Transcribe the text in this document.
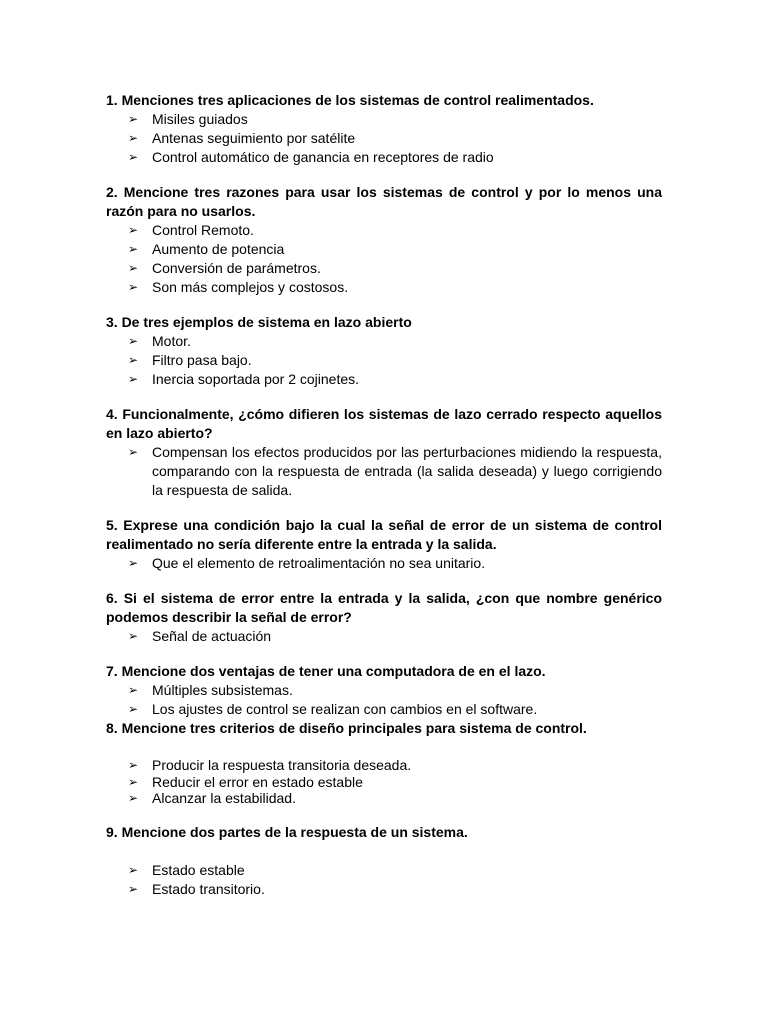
1. Menciones tres aplicaciones de los sistemas de control realimentados.

➢ Misiles guiados
➢ Antenas seguimiento por satélite
➢ Control automático de ganancia en receptores de radio

2. Mencione tres razones para usar los sistemas de control y por lo menos una razón para no usarlos.

➢ Control Remoto.
➢ Aumento de potencia
➢ Conversión de parámetros.
➢ Son más complejos y costosos.

3. De tres ejemplos de sistema en lazo abierto

➢ Motor.
➢ Filtro pasa bajo.
➢ Inercia soportada por 2 cojinetes.

4. Funcionalmente, ¿cómo difieren los sistemas de lazo cerrado respecto aquellos en lazo abierto?

➢ Compensan los efectos producidos por las perturbaciones midiendo la respuesta, comparando con la respuesta de entrada (la salida deseada) y luego corrigiendo la respuesta de salida.

5. Exprese una condición bajo la cual la señal de error de un sistema de control realimentado no sería diferente entre la entrada y la salida.

➢ Que el elemento de retroalimentación no sea unitario.

6. Si el sistema de error entre la entrada y la salida, ¿con que nombre genérico podemos describir la señal de error?

➢ Señal de actuación

7. Mencione dos ventajas de tener una computadora de en el lazo.

➢ Múltiples subsistemas.
➢ Los ajustes de control se realizan con cambios en el software.

8. Mencione tres criterios de diseño principales para sistema de control.

➢ Producir la respuesta transitoria deseada.
➢ Reducir el error en estado estable
➢ Alcanzar la estabilidad.

9. Mencione dos partes de la respuesta de un sistema.

➢ Estado estable
➢ Estado transitorio.
